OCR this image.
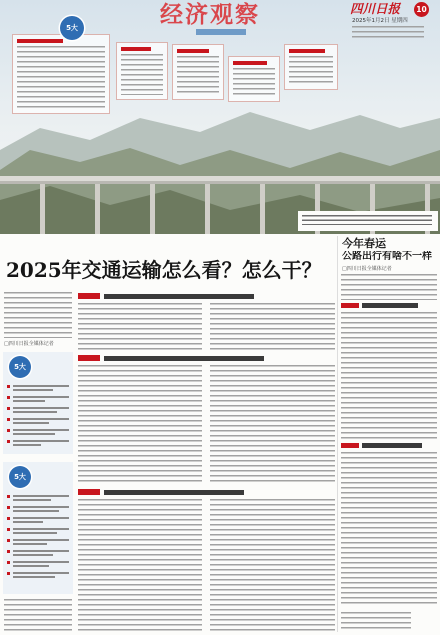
经济观察	四川日报	10
2025年1月2日 星期四
5大
2025年交通运输怎么看？怎么干？
□四川日报全媒体记者
5大
5大
今年春运
公路出行有啥不一样
□四川日报全媒体记者
